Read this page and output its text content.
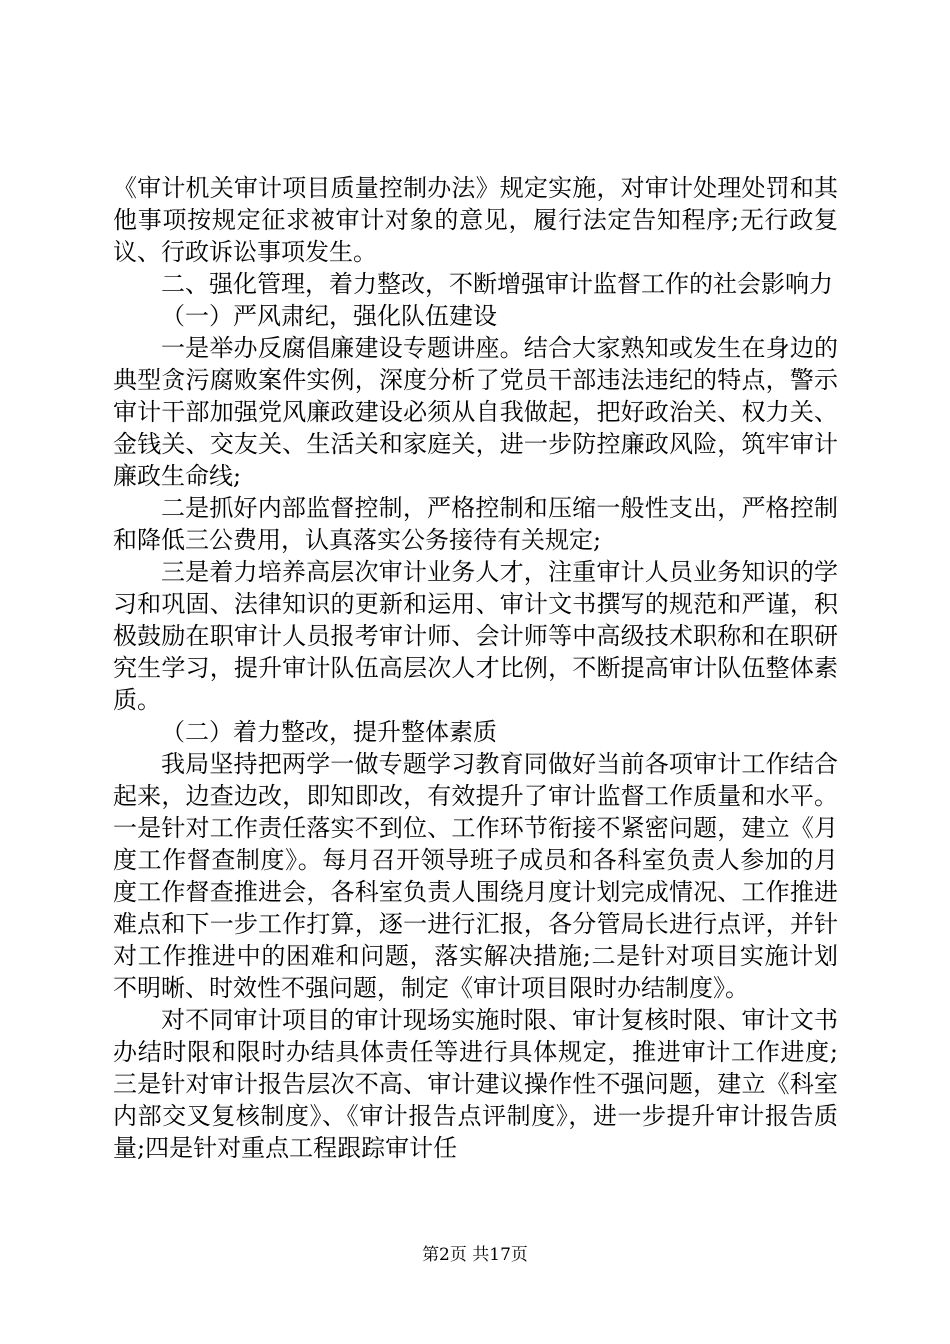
《审计机关审计项目质量控制办法》规定实施，对审计处理处罚和其他事项按规定征求被审计对象的意见，履行法定告知程序;无行政复议、行政诉讼事项发生。

二、强化管理，着力整改，不断增强审计监督工作的社会影响力

（一）严风肃纪，强化队伍建设

一是举办反腐倡廉建设专题讲座。结合大家熟知或发生在身边的典型贪污腐败案件实例，深度分析了党员干部违法违纪的特点，警示审计干部加强党风廉政建设必须从自我做起，把好政治关、权力关、金钱关、交友关、生活关和家庭关，进一步防控廉政风险，筑牢审计廉政生命线;

二是抓好内部监督控制，严格控制和压缩一般性支出，严格控制和降低三公费用，认真落实公务接待有关规定;

三是着力培养高层次审计业务人才，注重审计人员业务知识的学习和巩固、法律知识的更新和运用、审计文书撰写的规范和严谨，积极鼓励在职审计人员报考审计师、会计师等中高级技术职称和在职研究生学习，提升审计队伍高层次人才比例，不断提高审计队伍整体素质。

（二）着力整改，提升整体素质

我局坚持把两学一做专题学习教育同做好当前各项审计工作结合起来，边查边改，即知即改，有效提升了审计监督工作质量和水平。一是针对工作责任落实不到位、工作环节衔接不紧密问题，建立《月度工作督查制度》。每月召开领导班子成员和各科室负责人参加的月度工作督查推进会，各科室负责人围绕月度计划完成情况、工作推进难点和下一步工作打算，逐一进行汇报，各分管局长进行点评，并针对工作推进中的困难和问题，落实解决措施;二是针对项目实施计划不明晰、时效性不强问题，制定《审计项目限时办结制度》。

对不同审计项目的审计现场实施时限、审计复核时限、审计文书办结时限和限时办结具体责任等进行具体规定，推进审计工作进度;三是针对审计报告层次不高、审计建议操作性不强问题，建立《科室内部交叉复核制度》、《审计报告点评制度》，进一步提升审计报告质量;四是针对重点工程跟踪审计任

第2页 共17页
